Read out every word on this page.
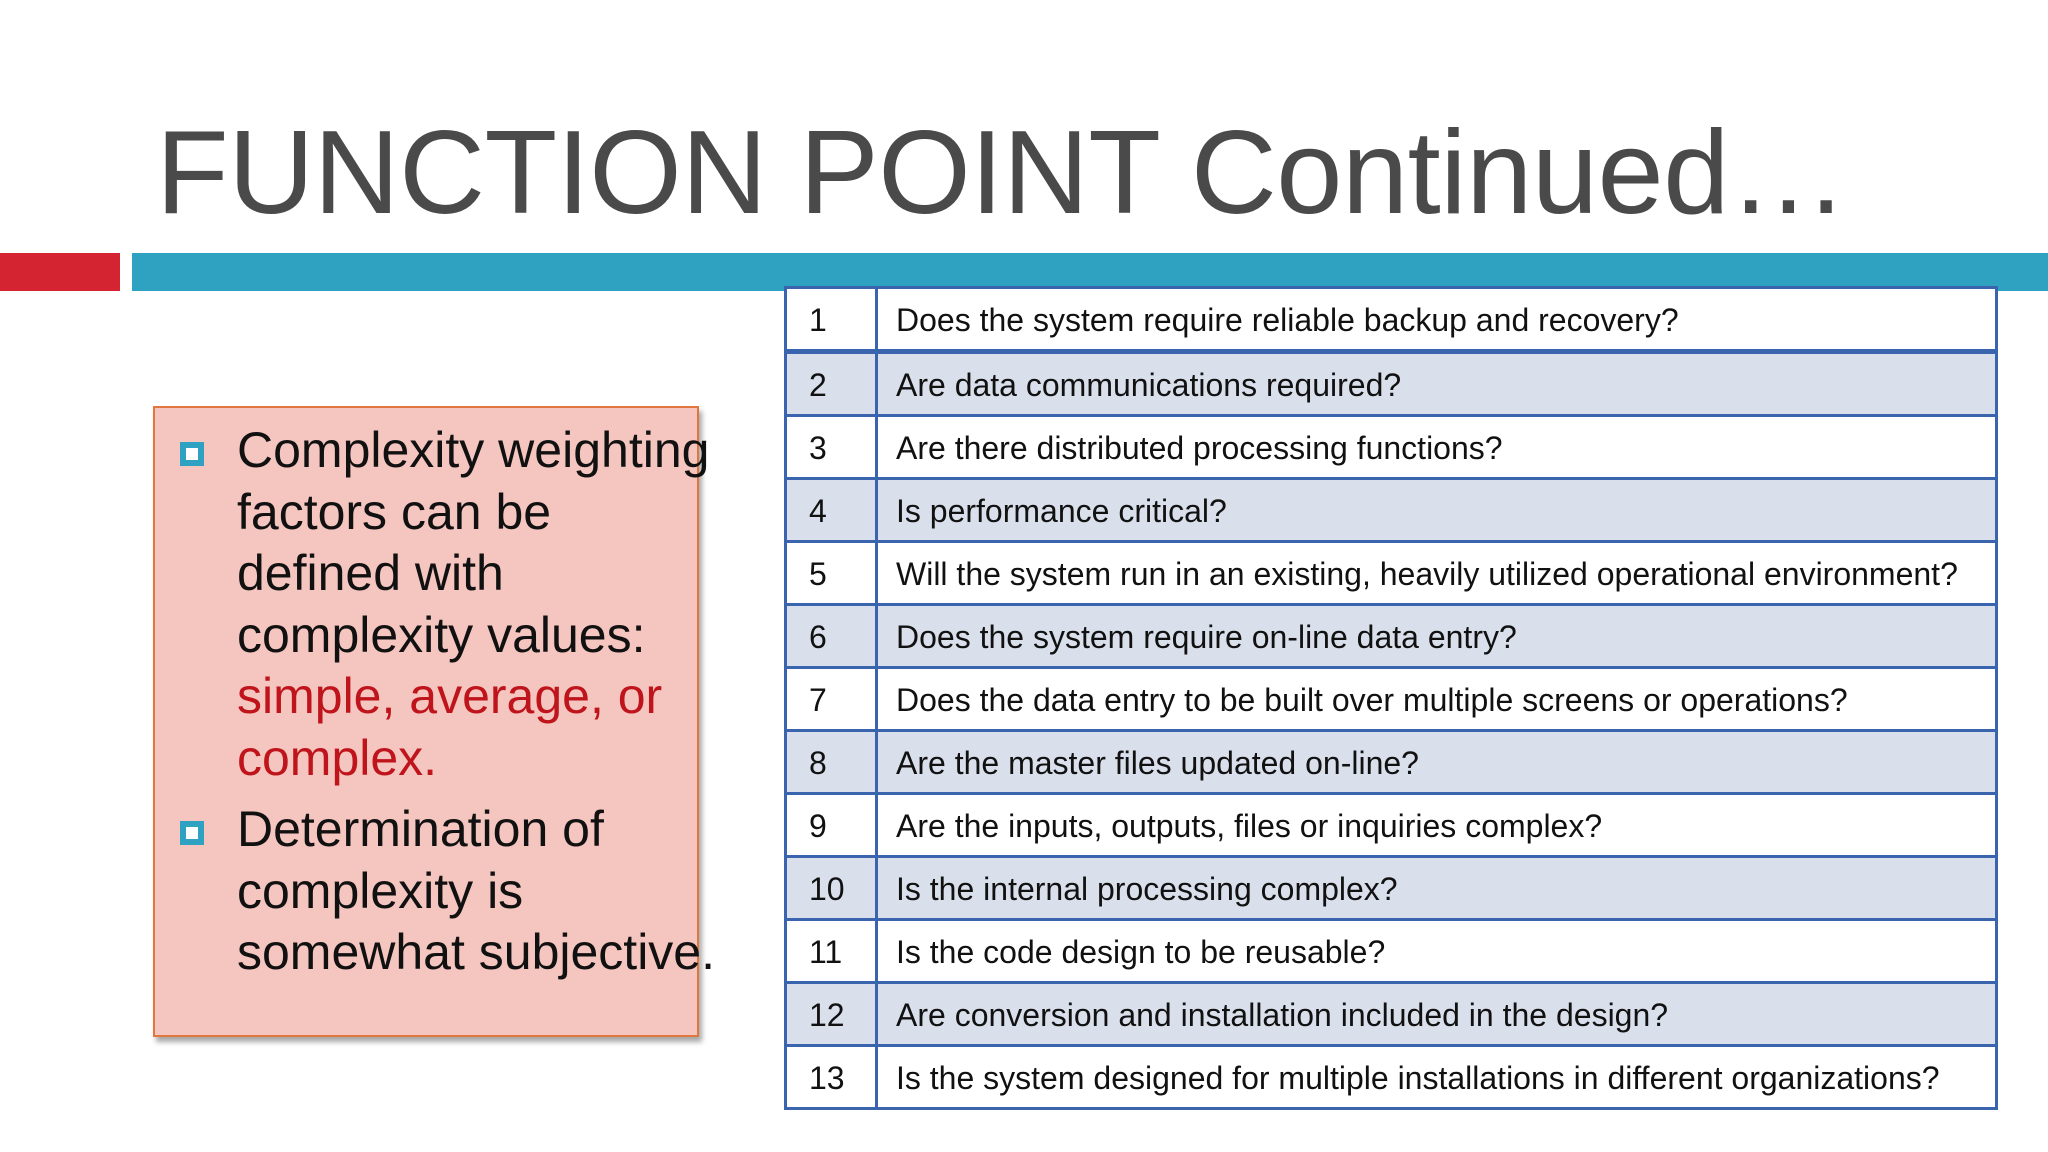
FUNCTION POINT Continued…
Complexity weighting factors can be defined with complexity values: simple, average, or complex.
Determination of complexity is somewhat subjective.
1	Does the system require reliable backup and recovery?
2	Are data communications required?
3	Are there distributed processing functions?
4	Is performance critical?
5	Will the system run in an existing, heavily utilized operational environment?
6	Does the system require on-line data entry?
7	Does the data entry to be built over multiple screens or operations?
8	Are the master files updated on-line?
9	Are the inputs, outputs, files or inquiries complex?
10	Is the internal processing complex?
11	Is the code design to be reusable?
12	Are conversion and installation included in the design?
13	Is the system designed for multiple installations in different organizations?
